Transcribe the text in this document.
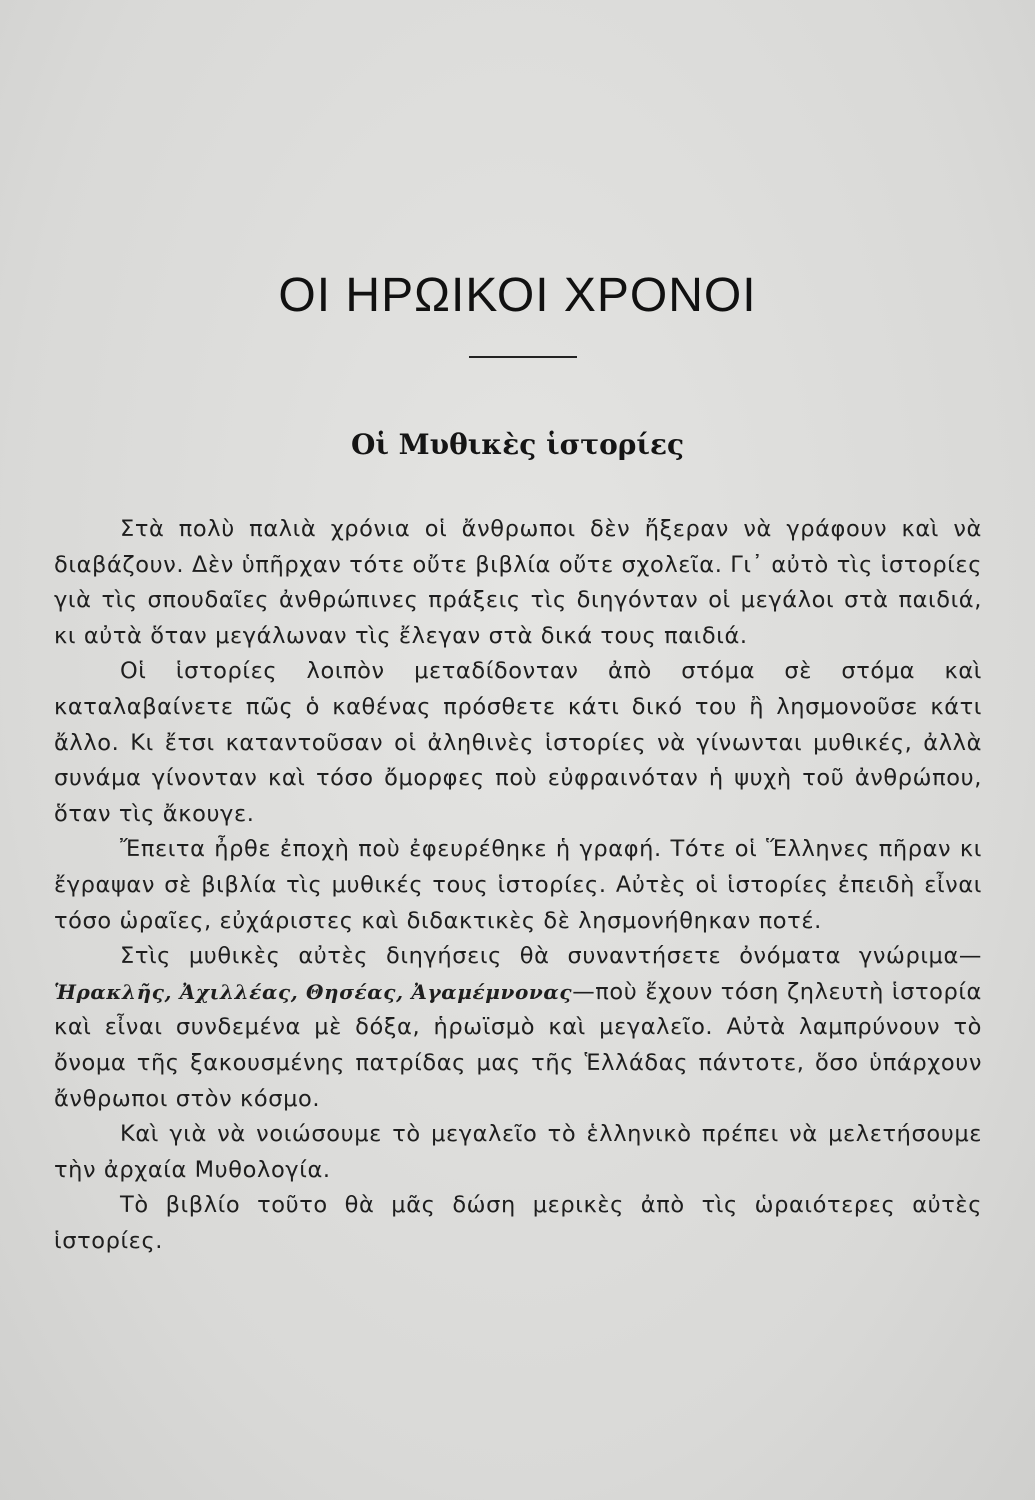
ΟΙ ΗΡΩΙΚΟΙ ΧΡΟΝΟΙ
Οἱ Μυθικὲς ἱστορίες

Στὰ πολὺ παλιὰ χρόνια οἱ ἄνθρωποι δὲν ἤξεραν νὰ γράφουν καὶ νὰ διαβάζουν. Δὲν ὑπῆρχαν τότε οὔτε βιβλία οὔτε σχολεῖα. Γι᾽ αὐτὸ τὶς ἱστορίες γιὰ τὶς σπουδαῖες ἀνθρώπινες πράξεις τὶς διηγόνταν οἱ μεγάλοι στὰ παιδιά, κι αὐτὰ ὅταν μεγάλωναν τὶς ἔλεγαν στὰ δικά τους παιδιά.

Οἱ ἱστορίες λοιπὸν μεταδίδονταν ἀπὸ στόμα σὲ στόμα καὶ καταλαβαίνετε πῶς ὁ καθένας πρόσθετε κάτι δικό του ἢ λησμονοῦσε κάτι ἄλλο. Κι ἔτσι καταντοῦσαν οἱ ἀληθινὲς ἱστορίες νὰ γίνωνται μυθικές, ἀλλὰ συνάμα γίνονταν καὶ τόσο ὄμορφες ποὺ εὐφραινόταν ἡ ψυχὴ τοῦ ἀνθρώπου, ὅταν τὶς ἄκουγε.

Ἔπειτα ἦρθε ἐποχὴ ποὺ ἐφευρέθηκε ἡ γραφή. Τότε οἱ Ἕλληνες πῆραν κι ἔγραψαν σὲ βιβλία τὶς μυθικές τους ἱστορίες. Αὐτὲς οἱ ἱστορίες ἐπειδὴ εἶναι τόσο ὡραῖες, εὐχάριστες καὶ διδακτικὲς δὲ λησμονήθηκαν ποτέ.

Στὶς μυθικὲς αὐτὲς διηγήσεις θὰ συναντήσετε ὀνόματα γνώριμα—Ἡρακλῆς, Ἀχιλλέας, Θησέας, Ἀγαμέμνονας—ποὺ ἔχουν τόση ζηλευτὴ ἱστορία καὶ εἶναι συνδεμένα μὲ δόξα, ἡρωϊσμὸ καὶ μεγαλεῖο. Αὐτὰ λαμπρύνουν τὸ ὄνομα τῆς ξακουσμένης πατρίδας μας τῆς Ἑλλάδας πάντοτε, ὅσο ὑπάρχουν ἄνθρωποι στὸν κόσμο.

Καὶ γιὰ νὰ νοιώσουμε τὸ μεγαλεῖο τὸ ἑλληνικὸ πρέπει νὰ μελετήσουμε τὴν ἀρχαία Μυθολογία.

Τὸ βιβλίο τοῦτο θὰ μᾶς δώση μερικὲς ἀπὸ τὶς ὡραιότερες αὐτὲς ἱστορίες.
